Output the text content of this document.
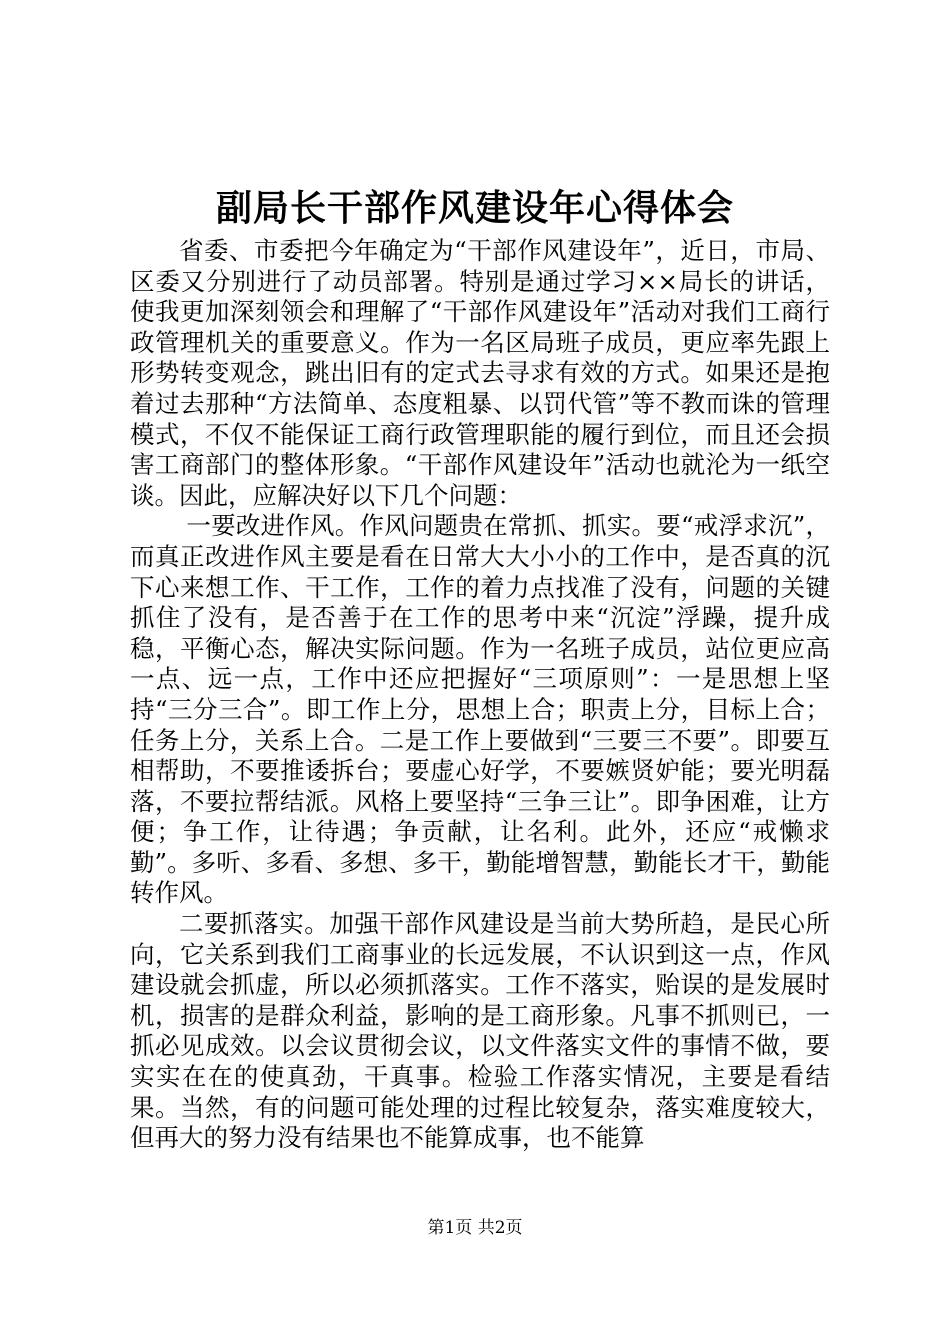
副局长干部作风建设年心得体会

省委、市委把今年确定为“干部作风建设年”，近日，市局、区委又分别进行了动员部署。特别是通过学习××局长的讲话，使我更加深刻领会和理解了“干部作风建设年”活动对我们工商行政管理机关的重要意义。作为一名区局班子成员，更应率先跟上形势转变观念，跳出旧有的定式去寻求有效的方式。如果还是抱着过去那种“方法简单、态度粗暴、以罚代管”等不教而诛的管理模式，不仅不能保证工商行政管理职能的履行到位，而且还会损害工商部门的整体形象。“干部作风建设年”活动也就沦为一纸空谈。因此，应解决好以下几个问题：

一要改进作风。作风问题贵在常抓、抓实。要“戒浮求沉”，而真正改进作风主要是看在日常大大小小的工作中，是否真的沉下心来想工作、干工作，工作的着力点找准了没有，问题的关键抓住了没有，是否善于在工作的思考中来“沉淀”浮躁，提升成稳，平衡心态，解决实际问题。作为一名班子成员，站位更应高一点、远一点，工作中还应把握好“三项原则”：一是思想上坚持“三分三合”。即工作上分，思想上合；职责上分，目标上合；任务上分，关系上合。二是工作上要做到“三要三不要”。即要互相帮助，不要推诿拆台；要虚心好学，不要嫉贤妒能；要光明磊落，不要拉帮结派。风格上要坚持“三争三让”。即争困难，让方便；争工作，让待遇；争贡献，让名利。此外，还应“戒懒求勤”。多听、多看、多想、多干，勤能增智慧，勤能长才干，勤能转作风。

二要抓落实。加强干部作风建设是当前大势所趋，是民心所向，它关系到我们工商事业的长远发展，不认识到这一点，作风建设就会抓虚，所以必须抓落实。工作不落实，贻误的是发展时机，损害的是群众利益，影响的是工商形象。凡事不抓则已，一抓必见成效。以会议贯彻会议，以文件落实文件的事情不做，要实实在在的使真劲，干真事。检验工作落实情况，主要是看结果。当然，有的问题可能处理的过程比较复杂，落实难度较大，但再大的努力没有结果也不能算成事，也不能算

第1页 共2页
